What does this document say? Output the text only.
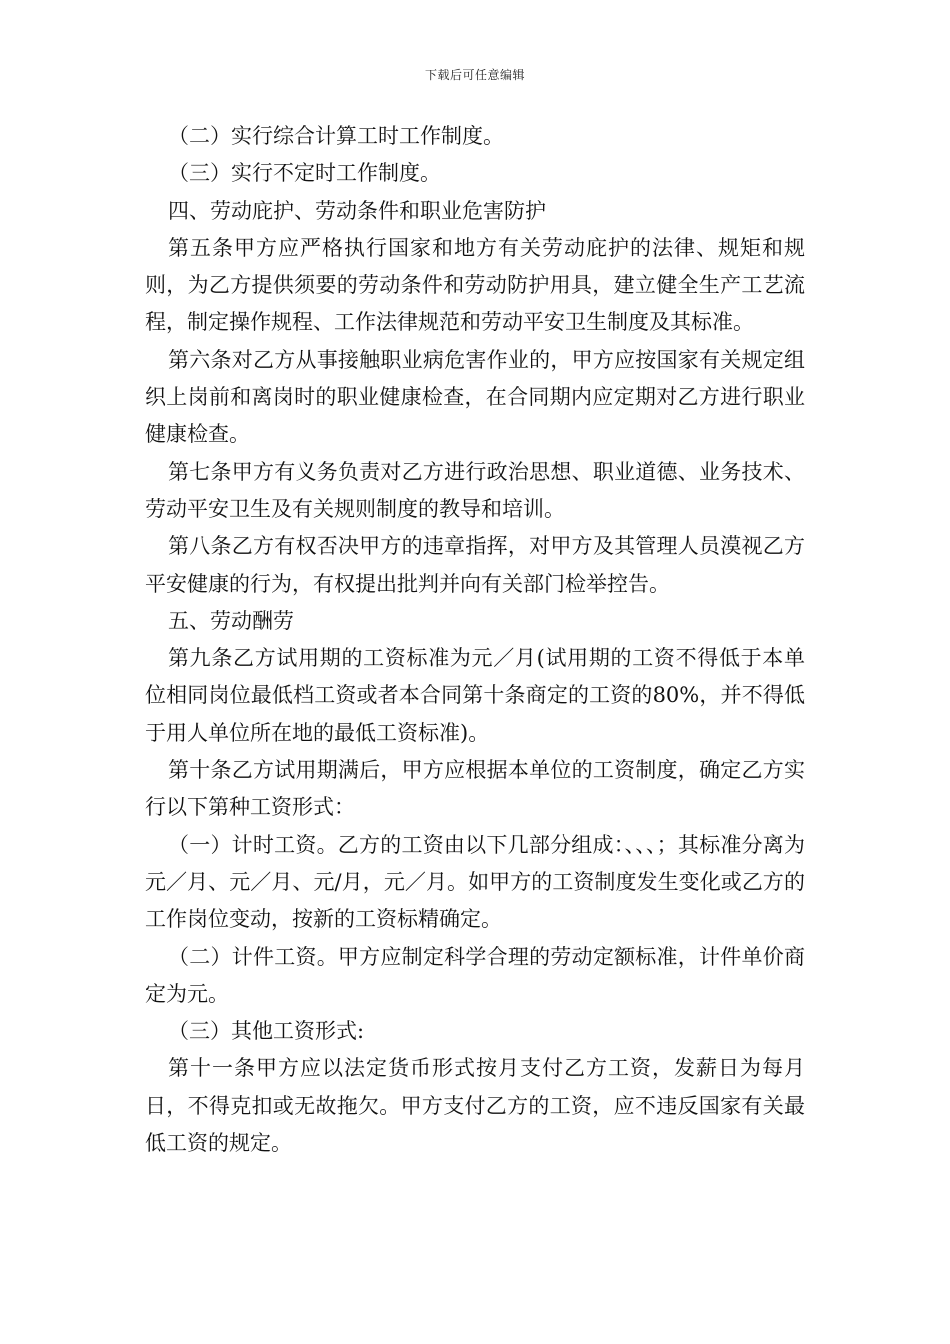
下载后可任意编辑

（二）实行综合计算工时工作制度。

（三）实行不定时工作制度。

四、劳动庇护、劳动条件和职业危害防护

第五条甲方应严格执行国家和地方有关劳动庇护的法律、规矩和规则，为乙方提供须要的劳动条件和劳动防护用具，建立健全生产工艺流程，制定操作规程、工作法律规范和劳动平安卫生制度及其标准。

第六条对乙方从事接触职业病危害作业的，甲方应按国家有关规定组织上岗前和离岗时的职业健康检查，在合同期内应定期对乙方进行职业健康检查。

第七条甲方有义务负责对乙方进行政治思想、职业道德、业务技术、劳动平安卫生及有关规则制度的教导和培训。

第八条乙方有权否决甲方的违章指挥，对甲方及其管理人员漠视乙方平安健康的行为，有权提出批判并向有关部门检举控告。

五、劳动酬劳

第九条乙方试用期的工资标准为元／月(试用期的工资不得低于本单位相同岗位最低档工资或者本合同第十条商定的工资的80%，并不得低于用人单位所在地的最低工资标准)。

第十条乙方试用期满后，甲方应根据本单位的工资制度，确定乙方实行以下第种工资形式：

（一）计时工资。乙方的工资由以下几部分组成：、、、；其标准分离为元／月、元／月、元/月，元／月。如甲方的工资制度发生变化或乙方的工作岗位变动，按新的工资标精确定。

（二）计件工资。甲方应制定科学合理的劳动定额标准，计件单价商定为元。

（三）其他工资形式:

第十一条甲方应以法定货币形式按月支付乙方工资，发薪日为每月日，不得克扣或无故拖欠。甲方支付乙方的工资，应不违反国家有关最低工资的规定。
